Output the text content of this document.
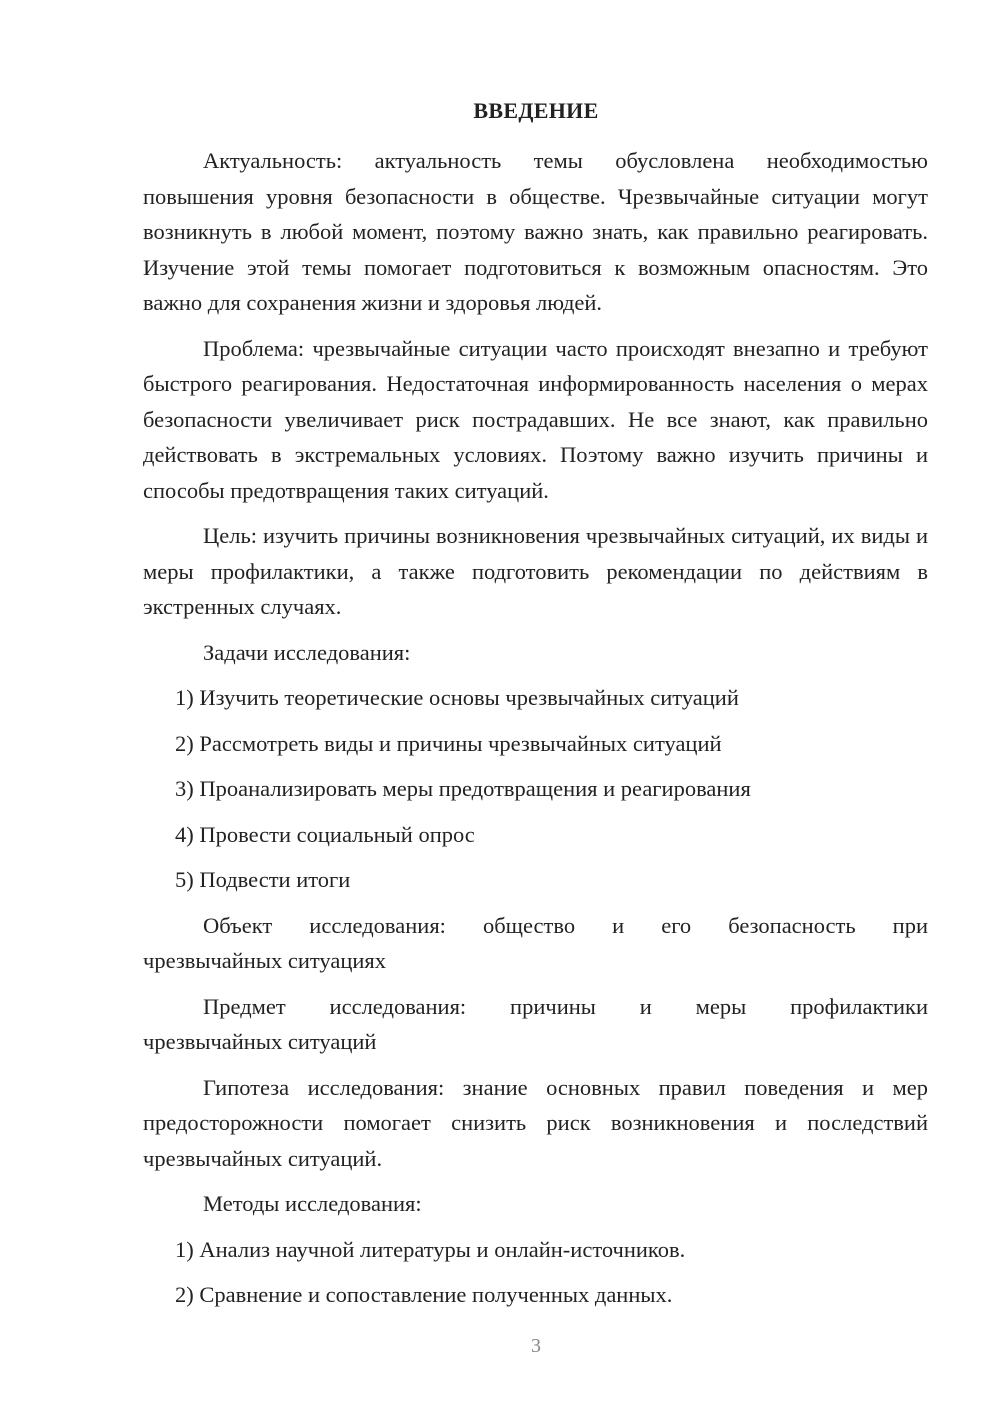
ВВЕДЕНИЕ

Актуальность: актуальность темы обусловлена необходимостью повышения уровня безопасности в обществе. Чрезвычайные ситуации могут возникнуть в любой момент, поэтому важно знать, как правильно реагировать. Изучение этой темы помогает подготовиться к возможным опасностям. Это важно для сохранения жизни и здоровья людей.

Проблема: чрезвычайные ситуации часто происходят внезапно и требуют быстрого реагирования. Недостаточная информированность населения о мерах безопасности увеличивает риск пострадавших. Не все знают, как правильно действовать в экстремальных условиях. Поэтому важно изучить причины и способы предотвращения таких ситуаций.

Цель: изучить причины возникновения чрезвычайных ситуаций, их виды и меры профилактики, а также подготовить рекомендации по действиям в экстренных случаях.

Задачи исследования:

1) Изучить теоретические основы чрезвычайных ситуаций

2) Рассмотреть виды и причины чрезвычайных ситуаций

3) Проанализировать меры предотвращения и реагирования

4) Провести социальный опрос

5) Подвести итоги

Объект исследования: общество и его безопасность при
чрезвычайных ситуациях
Предмет исследования: причины и меры профилактики
чрезвычайных ситуаций

Гипотеза исследования: знание основных правил поведения и мер предосторожности помогает снизить риск возникновения и последствий чрезвычайных ситуаций.

Методы исследования:

1) Анализ научной литературы и онлайн-источников.

2) Сравнение и сопоставление полученных данных.

3
